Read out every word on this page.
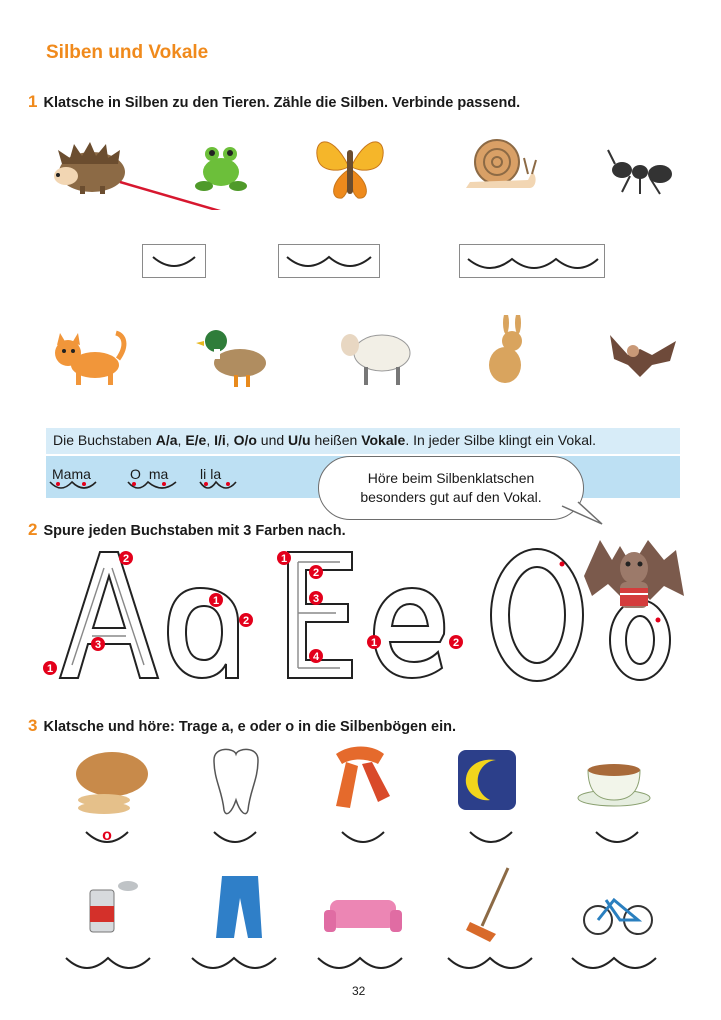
Silben und Vokale
1 Klatsche in Silben zu den Tieren. Zähle die Silben. Verbinde passend.
Die Buchstaben A/a, E/e, I/i, O/o und U/u heißen Vokale. In jeder Silbe klingt ein Vokal.
Mama	O ma li la	Höre beim Silbenklatschen
besonders gut auf den Vokal.
2 Spure jeden Buchstaben mit 3 Farben nach.
1
2
3
1
2
1
2
3
4
1	2
3 Klatsche und höre: Trage a, e oder o in die Silbenbögen ein.
o
32
